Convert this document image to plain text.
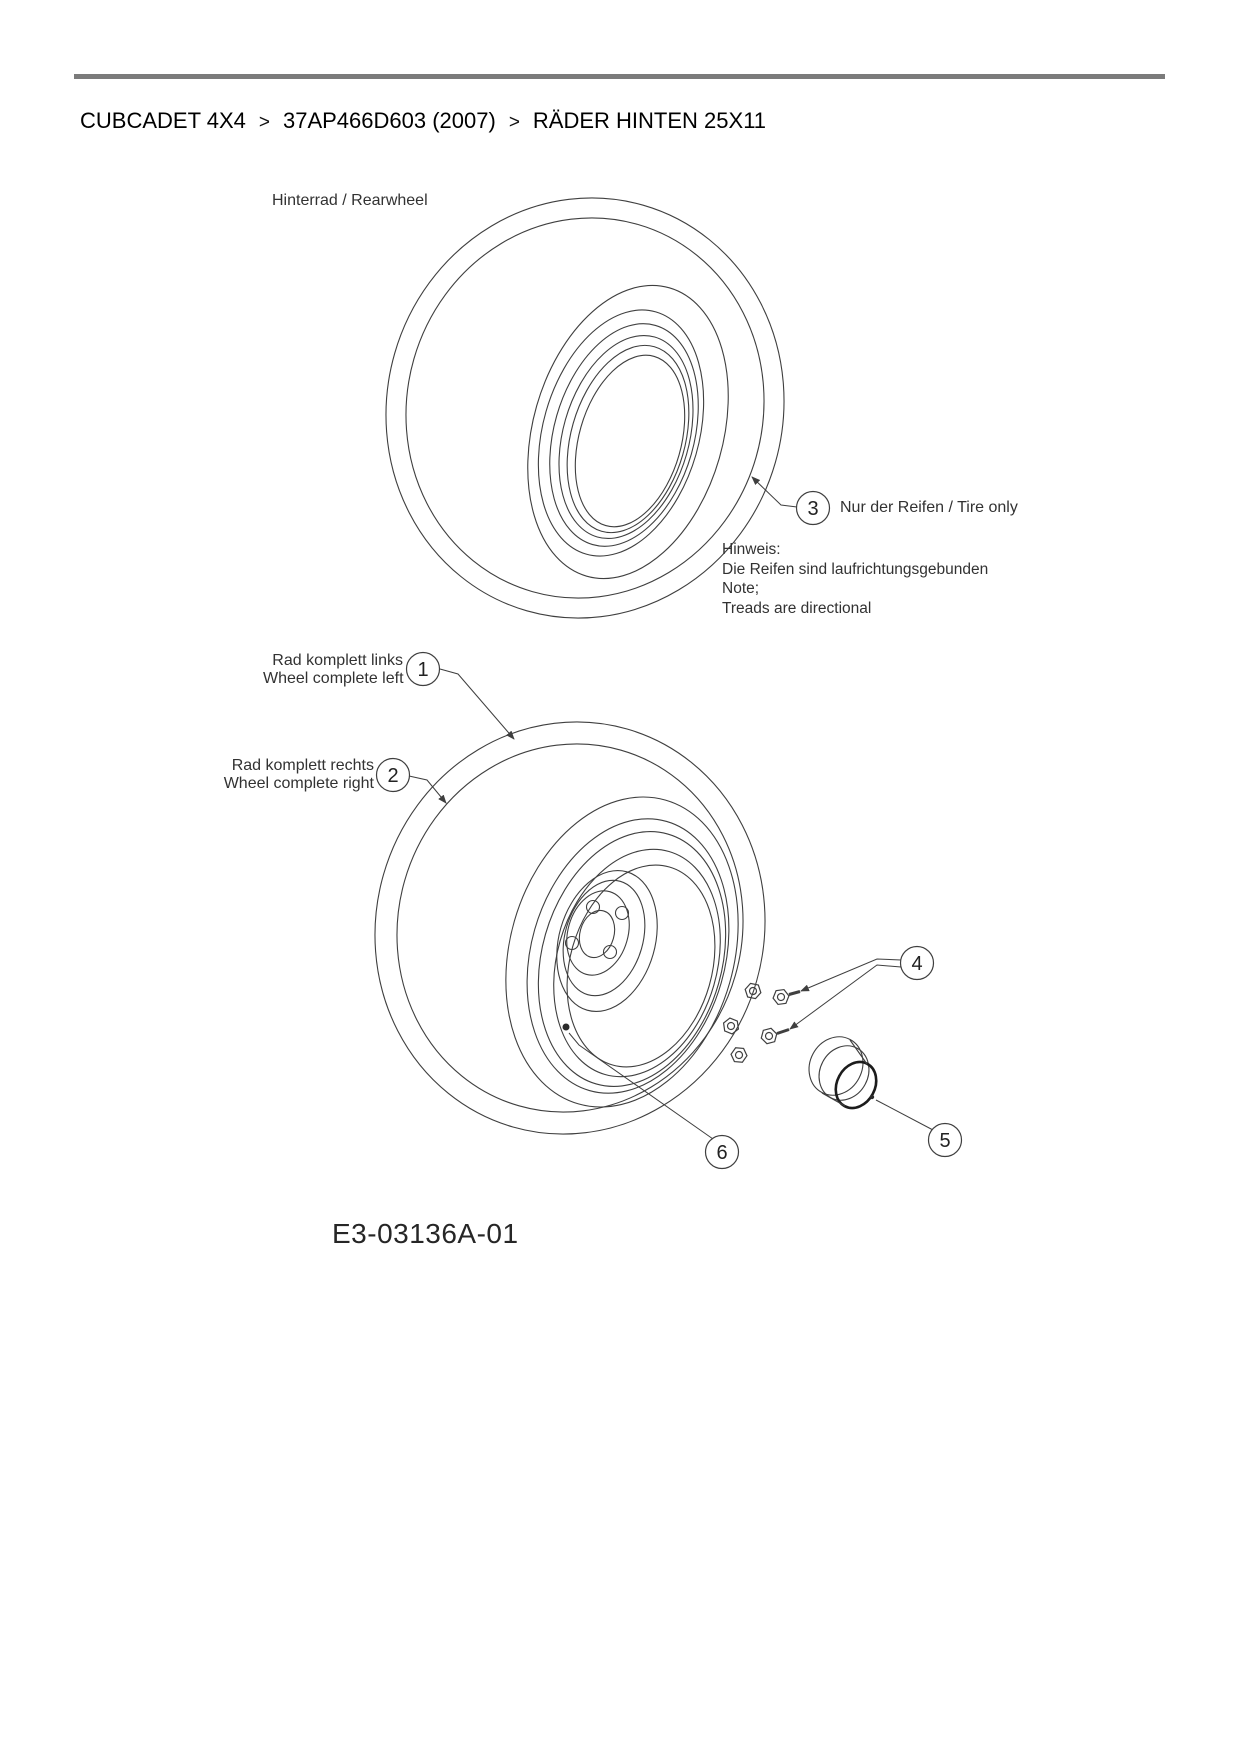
CUBCADET 4X4 > 37AP466D603 (2007) > RÄDER HINTEN 25X11
1
2
3
4
5
6
Hinterrad / Rearwheel
Rad komplett links
Wheel complete left
Rad komplett rechts
Wheel complete right
Nur der Reifen / Tire only
Hinweis:
Die Reifen sind laufrichtungsgebunden
Note;
Treads are directional
E3-03136A-01
